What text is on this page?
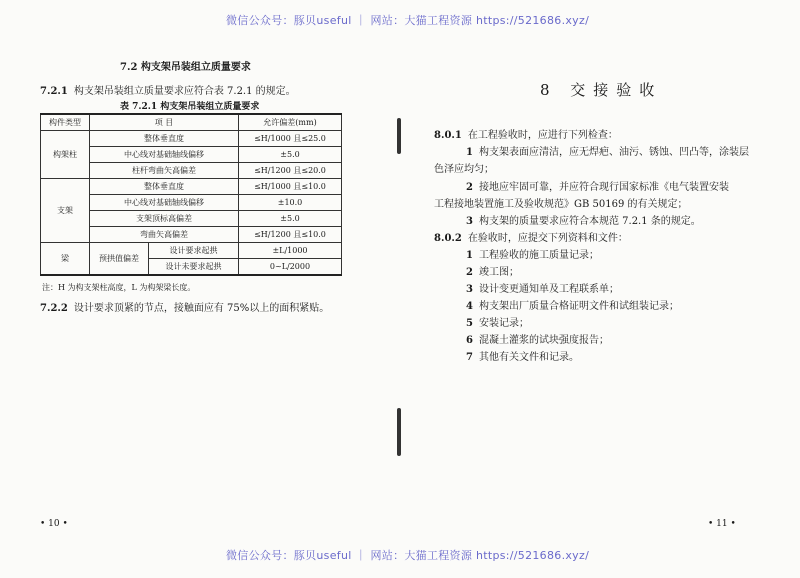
微信公众号：豚贝useful ｜ 网站：大猫工程资源 https://521686.xyz/
微信公众号：豚贝useful ｜ 网站：大猫工程资源 https://521686.xyz/
7.2 构支架吊装组立质量要求
7.2.1 构支架吊装组立质量要求应符合表 7.2.1 的规定。
表 7.2.1 构支架吊装组立质量要求
构件类型	项 目		允许偏差(mm)
构架柱	整体垂直度		≤H/1000 且≤25.0
	中心线对基础轴线偏移		±5.0
	柱杆弯曲矢高偏差		≤H/1200 且≤20.0
支架	整体垂直度		≤H/1000 且≤10.0
	中心线对基础轴线偏移		±10.0
	支架顶标高偏差		±5.0
	弯曲矢高偏差		≤H/1200 且≤10.0
梁	预拱值偏差	设计要求起拱	±L/1000
		设计未要求起拱	0~L/2000
注：H 为构支架柱高度，L 为构架梁长度。
7.2.2 设计要求顶紧的节点，接触面应有 75%以上的面积紧贴。
• 10 •
8 交接验收
8.0.1 在工程验收时，应进行下列检查：
1 构支架表面应清洁，应无焊疤、油污、锈蚀、凹凸等，涂装层
色泽应均匀；
2 接地应牢固可靠，并应符合现行国家标准《电气装置安装
工程接地装置施工及验收规范》GB 50169 的有关规定；
3 构支架的质量要求应符合本规范 7.2.1 条的规定。
8.0.2 在验收时，应提交下列资料和文件：
1 工程验收的施工质量记录；
2 竣工图；
3 设计变更通知单及工程联系单；
4 构支架出厂质量合格证明文件和试组装记录；
5 安装记录；
6 混凝土灌浆的试块强度报告；
7 其他有关文件和记录。
• 11 •
